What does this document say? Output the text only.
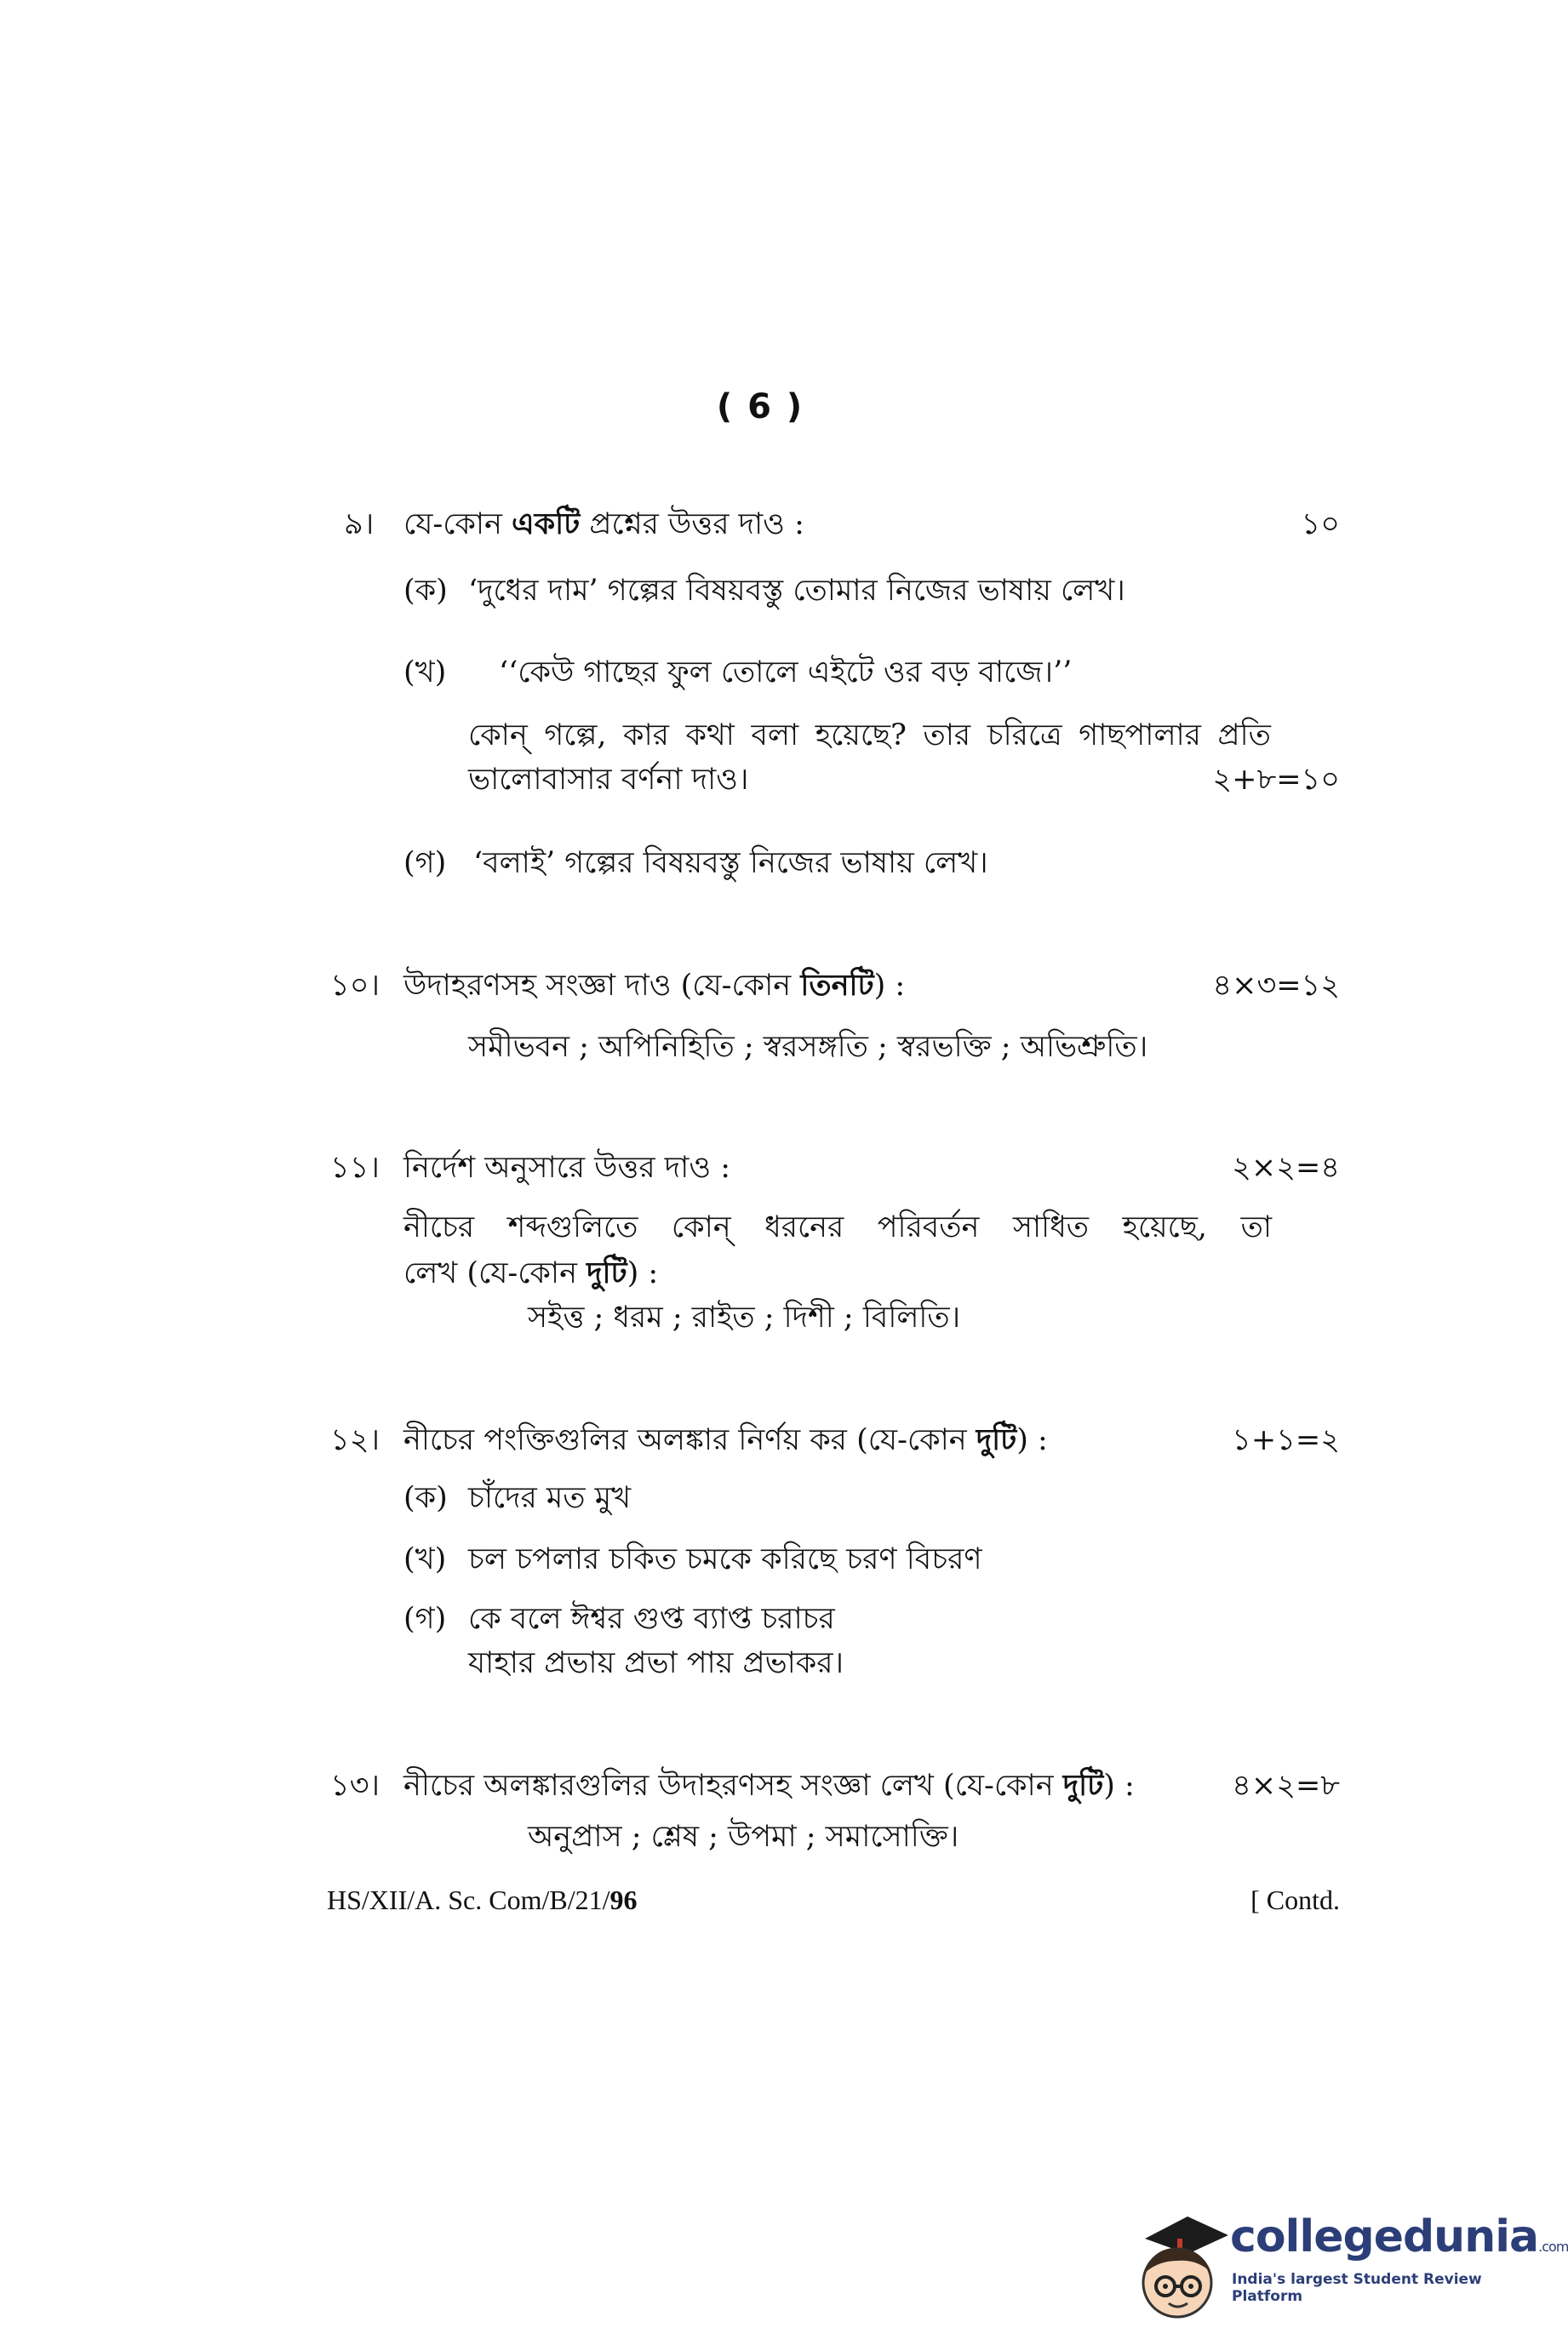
( 6 )
৯। যে-কোন একটি প্রশ্নের উত্তর দাও :	১০
(ক) ‘দুধের দাম’ গল্পের বিষয়বস্তু তোমার নিজের ভাষায় লেখ।
(খ) ‘‘কেউ গাছের ফুল তোলে এইটে ওর বড় বাজে।’’
কোন্ গল্পে, কার কথা বলা হয়েছে? তার চরিত্রে গাছপালার প্রতি
ভালোবাসার বর্ণনা দাও।	২+৮=১০
(গ) ‘বলাই’ গল্পের বিষয়বস্তু নিজের ভাষায় লেখ।
১০। উদাহরণসহ সংজ্ঞা দাও (যে-কোন তিনটি) :	৪×৩=১২
সমীভবন ; অপিনিহিতি ; স্বরসঙ্গতি ; স্বরভক্তি ; অভিশ্রুতি।
১১। নির্দেশ অনুসারে উত্তর দাও :	২×২=৪
নীচের শব্দগুলিতে কোন্ ধরনের পরিবর্তন সাধিত হয়েছে, তা
লেখ (যে-কোন দুটি) :
সইত্ত ; ধরম ; রাইত ; দিশী ; বিলিতি।
১২। নীচের পংক্তিগুলির অলঙ্কার নির্ণয় কর (যে-কোন দুটি) :	১+১=২
(ক) চাঁদের মত মুখ
(খ) চল চপলার চকিত চমকে করিছে চরণ বিচরণ
(গ) কে বলে ঈশ্বর গুপ্ত ব্যাপ্ত চরাচর
যাহার প্রভায় প্রভা পায় প্রভাকর।
১৩। নীচের অলঙ্কারগুলির উদাহরণসহ সংজ্ঞা লেখ (যে-কোন দুটি) :	৪×২=৮
অনুপ্রাস ; শ্লেষ ; উপমা ; সমাসোক্তি।
HS/XII/A. Sc. Com/B/21/96	[ Contd.
collegedunia.com
India's largest Student Review Platform
